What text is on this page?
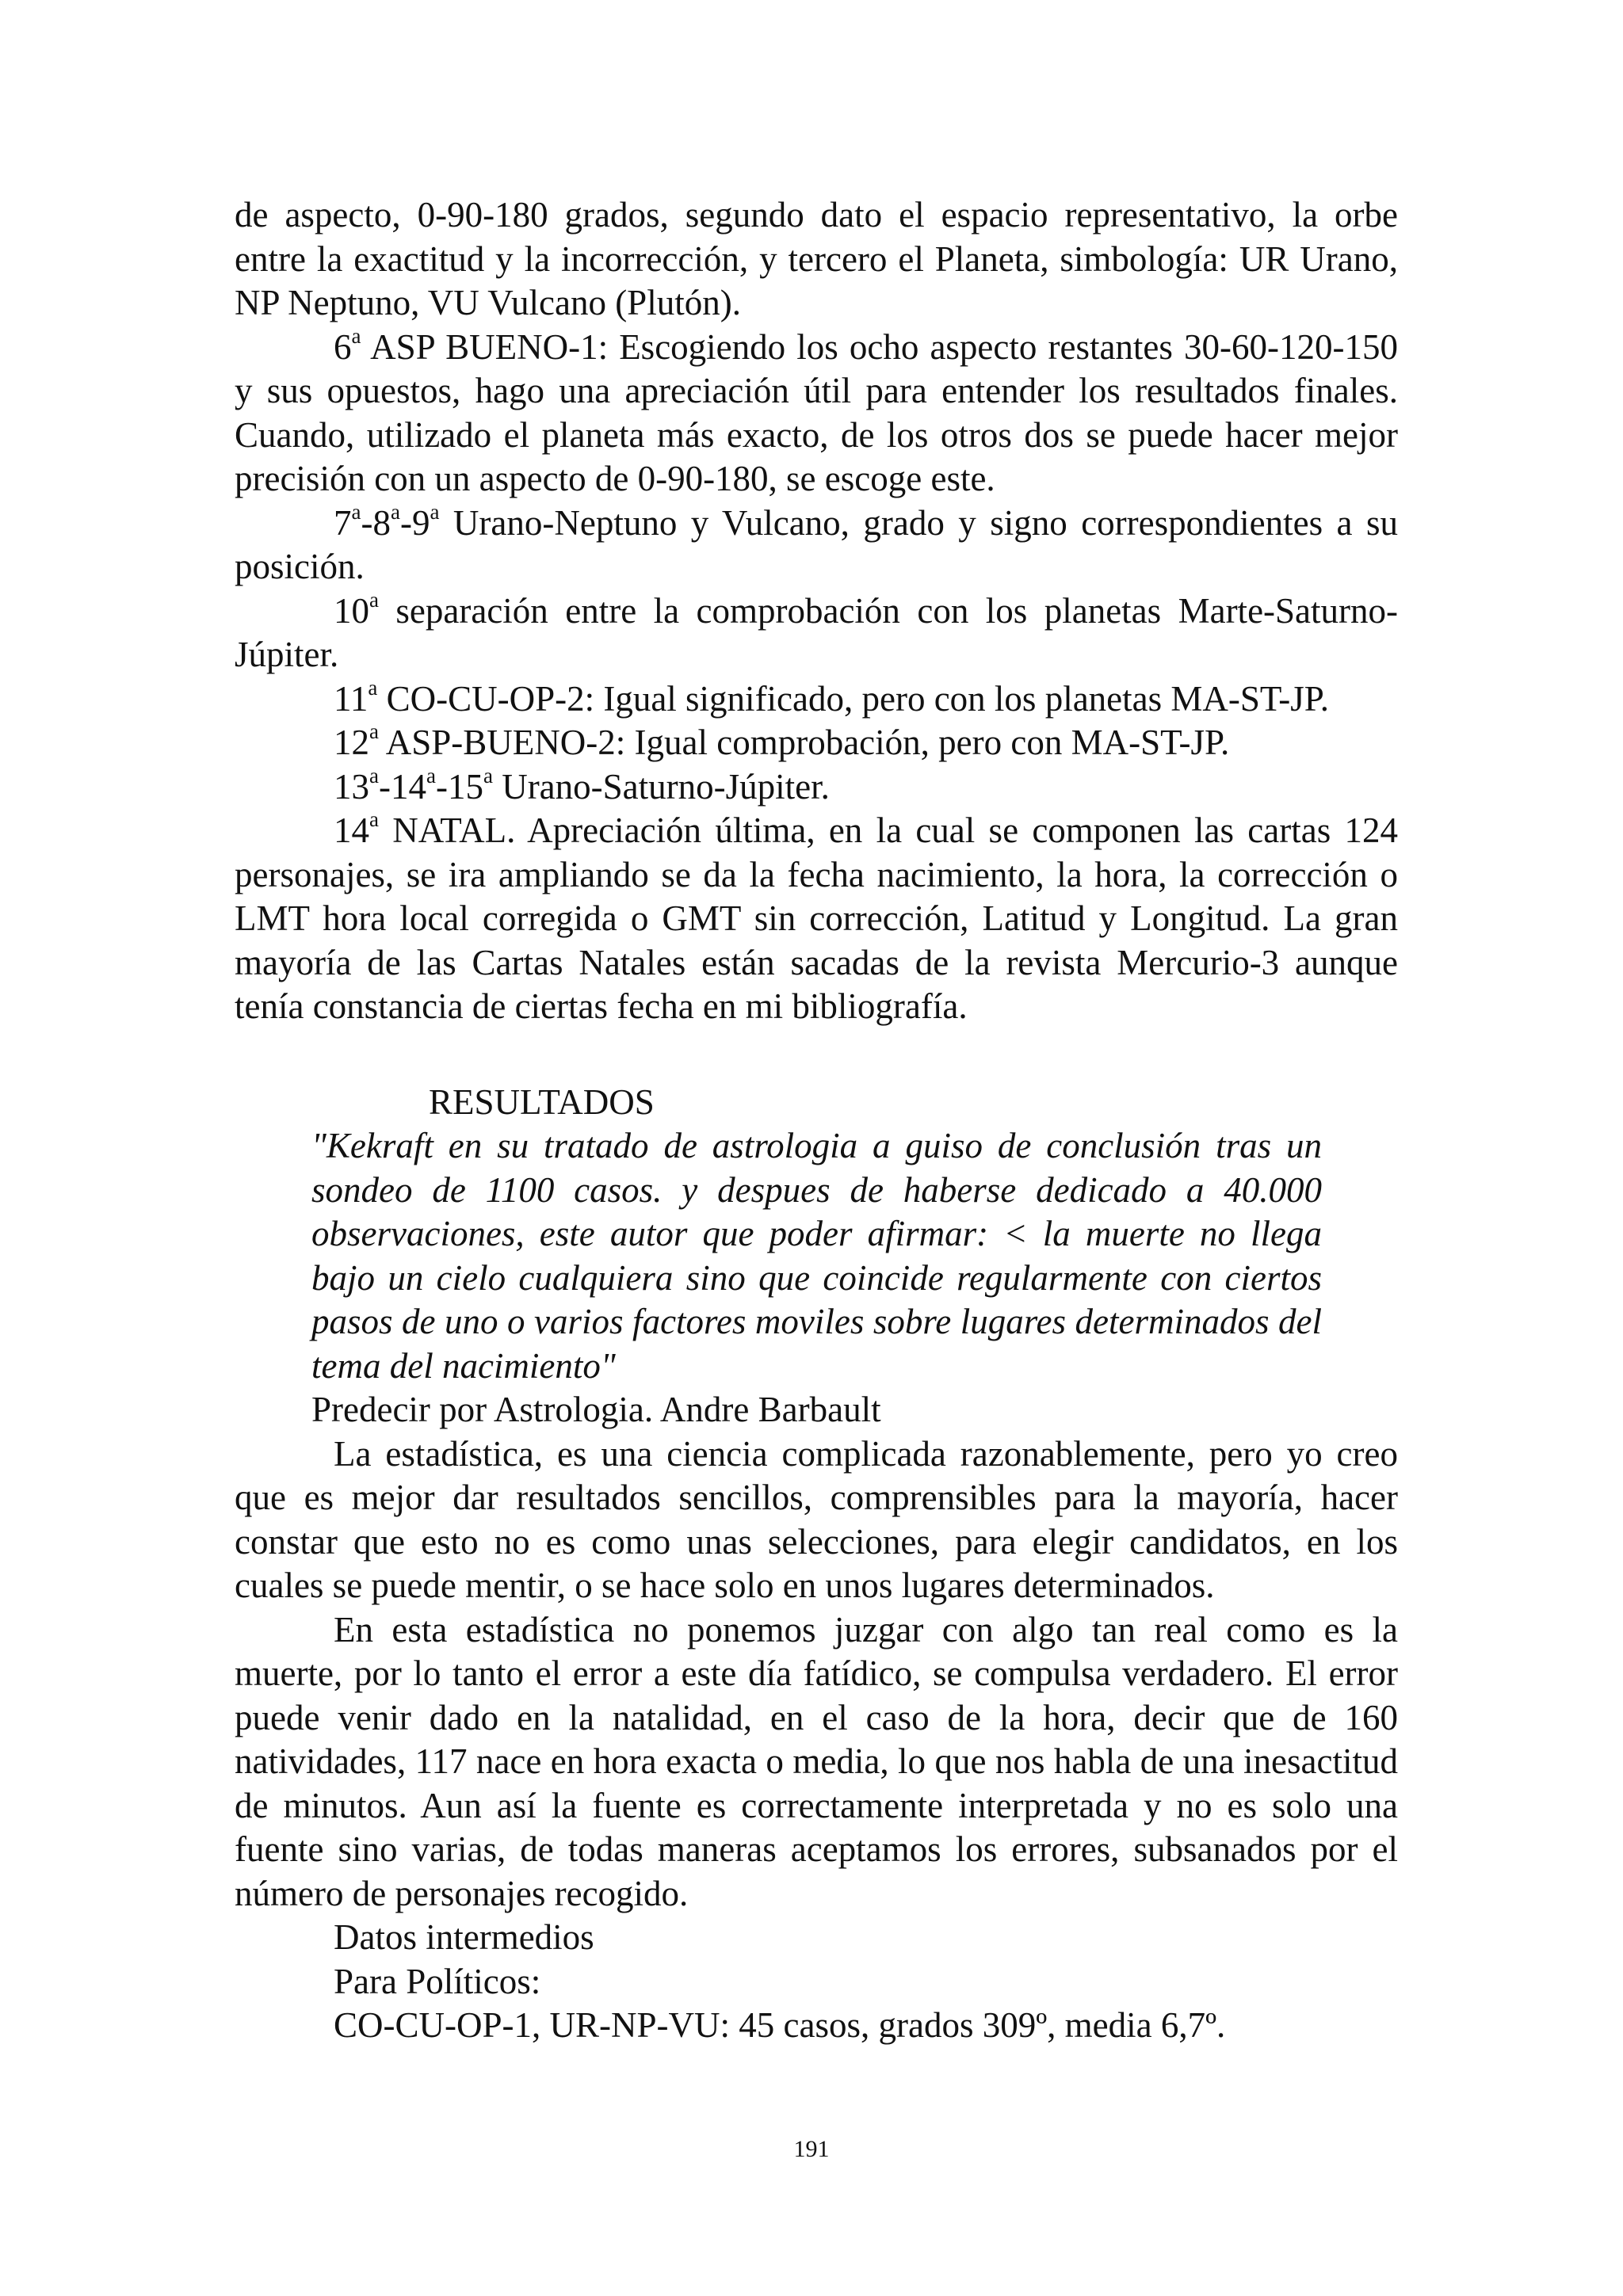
de aspecto, 0-90-180 grados, segundo dato el espacio representativo, la orbe entre la exactitud y la incorrección, y tercero el Planeta, simbología: UR Urano, NP Neptuno, VU Vulcano (Plutón).

6$^a$ ASP BUENO-1: Escogiendo los ocho aspecto restantes 30-60-120-150 y sus opuestos, hago una apreciación útil para entender los resultados finales. Cuando, utilizado el planeta más exacto, de los otros dos se puede hacer mejor precisión con un aspecto de 0-90-180, se escoge este.

7$^a$-8$^a$-9$^a$ Urano-Neptuno y Vulcano, grado y signo correspondientes a su posición.

10$^a$ separación entre la comprobación con los planetas Marte-Saturno-Júpiter.

11$^a$ CO-CU-OP-2: Igual significado, pero con los planetas MA-ST-JP.

12$^a$ ASP-BUENO-2: Igual comprobación, pero con MA-ST-JP.

13$^a$-14$^a$-15$^a$ Urano-Saturno-Júpiter.

14$^a$ NATAL. Apreciación última, en la cual se componen las cartas 124 personajes, se ira ampliando se da la fecha nacimiento, la hora, la corrección o LMT hora local corregida o GMT sin corrección, Latitud y Longitud. La gran mayoría de las Cartas Natales están sacadas de la revista Mercurio-3 aunque tenía constancia de ciertas fecha en mi bibliografía.

RESULTADOS

"Kekraft en su tratado de astrologia a guiso de conclusión tras un sondeo de 1100 casos. y despues de haberse dedicado a 40.000 observaciones, este autor que poder afirmar: < la muerte no llega bajo un cielo cualquiera sino que coincide regularmente con ciertos pasos de uno o varios factores moviles sobre lugares determinados del tema del nacimiento"

Predecir por Astrologia. Andre Barbault

La estadística, es una ciencia complicada razonablemente, pero yo creo que es mejor dar resultados sencillos, comprensibles para la mayoría, hacer constar que esto no es como unas selecciones, para elegir candidatos, en los cuales se puede mentir, o se hace solo en unos lugares determinados.

En esta estadística no ponemos juzgar con algo tan real como es la muerte, por lo tanto el error a este día fatídico, se compulsa verdadero. El error puede venir dado en la natalidad, en el caso de la hora, decir que de 160 natividades, 117 nace en hora exacta o media, lo que nos habla de una inesactitud de minutos. Aun así la fuente es correctamente interpretada y no es solo una fuente sino varias, de todas maneras aceptamos los errores, subsanados por el número de personajes recogido.

Datos intermedios

Para Políticos:

CO-CU-OP-1, UR-NP-VU: 45 casos, grados 309º, media 6,7º.

191
